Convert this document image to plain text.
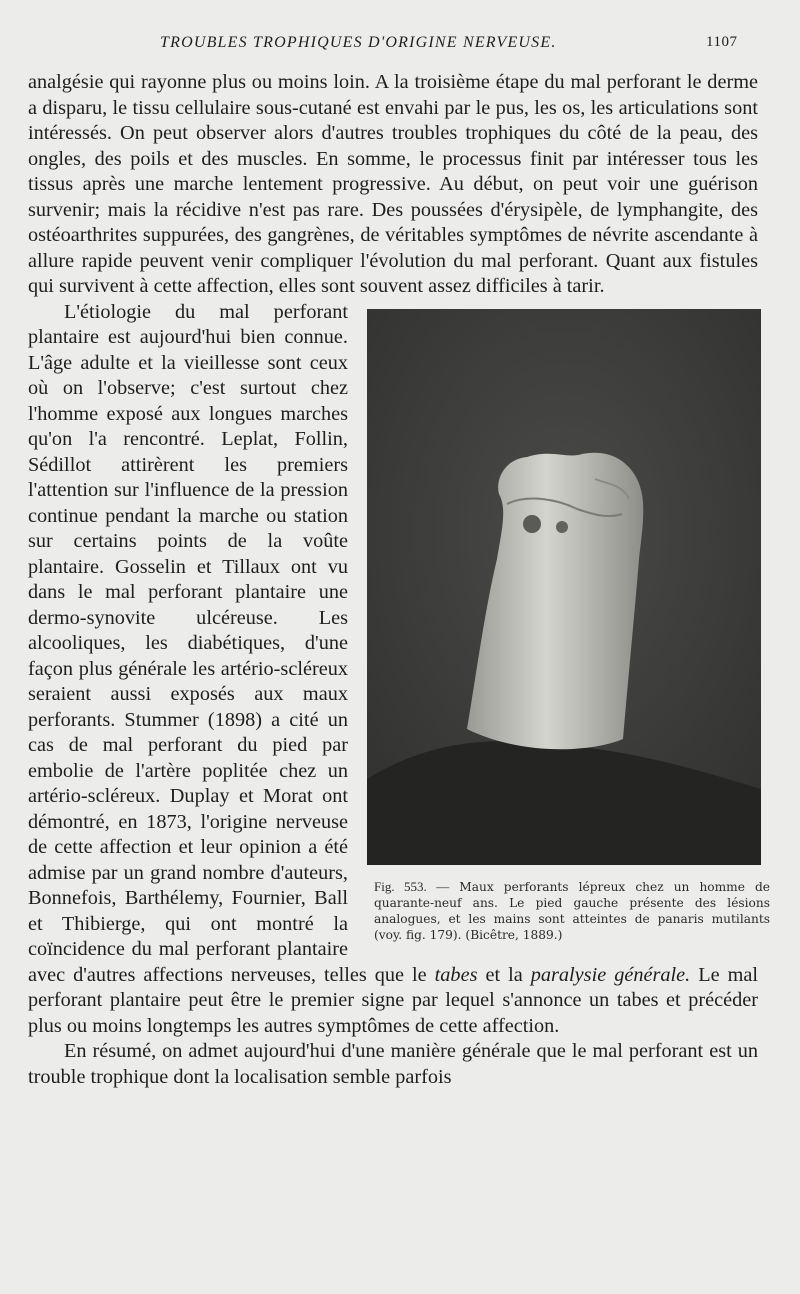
TROUBLES TROPHIQUES D'ORIGINE NERVEUSE.	1107

analgésie qui rayonne plus ou moins loin. A la troisième étape du mal perforant le derme a disparu, le tissu cellulaire sous-cutané est envahi par le pus, les os, les articulations sont intéressés. On peut observer alors d'autres troubles trophiques du côté de la peau, des ongles, des poils et des muscles. En somme, le processus finit par intéresser tous les tissus après une marche lentement progressive. Au début, on peut voir une guérison survenir; mais la récidive n'est pas rare. Des poussées d'érysipèle, de lymphangite, des ostéoarthrites suppurées, des gangrènes, de véritables symptômes de névrite ascendante à allure rapide peuvent venir compliquer l'évolution du mal perforant. Quant aux fistules qui survivent à cette affection, elles sont souvent assez difficiles à tarir.

Fig. 553. — Maux perforants lépreux chez un homme de quarante-neuf ans. Le pied gauche présente des lésions analogues, et les mains sont atteintes de panaris mutilants (voy. fig. 179). (Bicêtre, 1889.)

L'étiologie du mal perforant plantaire est aujourd'hui bien connue. L'âge adulte et la vieillesse sont ceux où on l'observe; c'est surtout chez l'homme exposé aux longues marches qu'on l'a rencontré. Leplat, Follin, Sédillot attirèrent les premiers l'attention sur l'influence de la pression continue pendant la marche ou station sur certains points de la voûte plantaire. Gosselin et Tillaux ont vu dans le mal perforant plantaire une dermo-synovite ulcéreuse. Les alcooliques, les diabétiques, d'une façon plus générale les artério-scléreux seraient aussi exposés aux maux perforants. Stummer (1898) a cité un cas de mal perforant du pied par embolie de l'artère poplitée chez un artério-scléreux. Duplay et Morat ont démontré, en 1873, l'origine nerveuse de cette affection et leur opinion a été admise par un grand nombre d'auteurs, Bonnefois, Barthélemy, Fournier, Ball et Thibierge, qui ont montré la coïncidence du mal perforant plantaire avec d'autres affections nerveuses, telles que le tabes et la paralysie générale. Le mal perforant plantaire peut être le premier signe par lequel s'annonce un tabes et précéder plus ou moins longtemps les autres symptômes de cette affection.

En résumé, on admet aujourd'hui d'une manière générale que le mal perforant est un trouble trophique dont la localisation semble parfois
